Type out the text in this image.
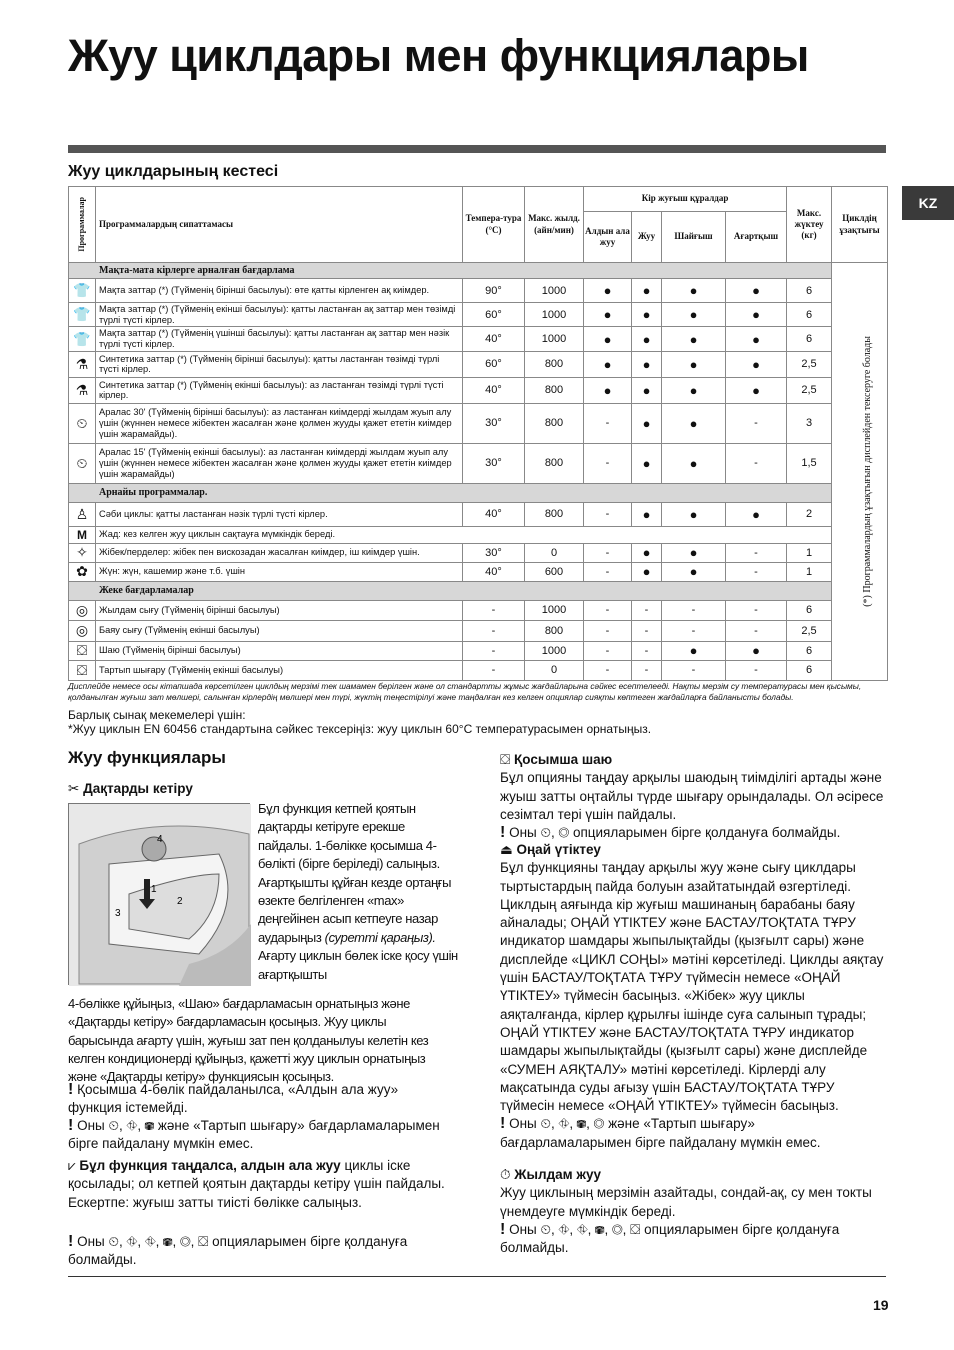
Жуу циклдары мен функциялары
KZ
Жуу циклдарының кестесі
Программалар	Программалардың сипаттамасы	Темпера-тура (°C)	Макс. жылд. (айн/мин)	Кір жуғыш құралдар				Макс. жүктеу (кг)	Циклдің ұзақтығы
				Алдын ала жуу	Жуу	Шайғыш	Ағартқыш		
Мақта-мата кірлерге арналған бағдарлама									(*) Программалардың ұзақтығын дисплейден тексеруге болады

👕	Мақта заттар (*) (Түйменің бірінші басылуы): өте қатты кірленген ақ киімдер.	90°	1000	●	●	●	●	6	
👕	Мақта заттар (*) (Түйменің екінші басылуы): қатты ластанған ақ заттар мен төзімді түрлі түсті кірлер.	60°	1000	●	●	●	●	6	
👕	Мақта заттар (*) (Түйменің үшінші басылуы): қатты ластанған ақ заттар мен нәзік түрлі түсті кірлер.	40°	1000	●	●	●	●	6	
⚗	Синтетика заттар (*) (Түйменің бірінші басылуы): қатты ластанған төзімді түрлі түсті кірлер.	60°	800	●	●	●	●	2,5	
⚗	Синтетика заттар (*) (Түйменің екінші басылуы): аз ластанған төзімді түрлі түсті кірлер.	40°	800	●	●	●	●	2,5	
⏲	Аралас 30' (Түйменің бірінші басылуы): аз ластанған киімдерді жылдам жуып алу үшін (жүннен немесе жібектен жасалған және қолмен жууды қажет ететін киімдер үшін жарамайды).	30°	800	-	●	●	-	3	
⏲	Аралас 15' (Түйменің екінші басылуы): аз ластанған киімдерді жылдам жуып алу үшін (жүннен немесе жібектен жасалған және қолмен жууды қажет ететін киімдер үшін жарамайды)	30°	800	-	●	●	-	1,5	
Арнайы программалар.									
♙	Сәби циклы: қатты ластанған нәзік түрлі түсті кірлер.	40°	800	-	●	●	●	2	
M	Жад: кез келген жуу циклын сақтауға мүмкіндік береді.								
✧	Жібек/перделер: жібек пен вискозадан жасалған киімдер, іш киімдер үшін.	30°	0	-	●	●	-	1	
✿	Жүн: жүн, кашемир және т.б. үшін	40°	600	-	●	●	-	1	
Жеке бағдарламалар									
◎	Жылдам сығу (Түйменің бірінші басылуы)	-	1000	-	-	-	-	6	
◎	Баяу сығу (Түйменің екінші басылуы)	-	800	-	-	-	-	2,5	
⛋	Шаю (Түйменің бірінші басылуы)	-	1000	-	-	●	●	6	
⛋	Тартып шығару (Түйменің екінші басылуы)	-	0	-	-	-	-	6	
Дисплейде немесе осы кітапшада көрсетілген циклдың мерзімі тек шамамен берілген және ол стандартты жұмыс жағдайларына сәйкес есептелееді. Нақты мерзім су температурасы мен қысымы, қолданылған жуғыш зат мөлшері, салынған кірлердің мөлшері мен түрі, жүктің теңестірілуі және таңдалған кез келген опциялар сияқты көптеген жағдайларға байланысты болады.
Барлық сынақ мекемелері үшін:
*Жуу циклын EN 60456 стандартына сәйкес тексеріңіз: жуу циклын 60°C температурасымен орнатыңыз.
Жуу функциялары
✂ Дақтарды кетіру
4
1
2
3
Бұл функция кетпей қоятын дақтарды кетіруге ерекше пайдалы. 1-бөлікке қосымша 4-бөлікті (бірге беріледі) салыңыз. Ағартқышты құйған кезде ортаңғы өзекте белгіленген «max» деңгейінен асып кетпеуге назар аударыңыз (суретті қараңыз). Ағарту циклын бөлек іске қосу үшін ағартқышты
4-бөлікке құйыңыз, «Шаю» бағдарламасын орнатыңыз және «Дақтарды кетіру» бағдарламасын қосыңыз. Жуу циклы барысында ағарту үшін, жуғыш зат пен қолданылуы келетін кез келген кондиционерді құйыңыз, қажетті жуу циклын орнатыңыз және «Дақтарды кетіру» функциясын қосыңыз.
! Қосымша 4-бөлік пайдаланылса, «Алдын ала жуу» функция істемейді.
! Оны ⏲, ⛗, ⛃ және «Тартып шығару» бағдарламаларымен бірге пайдалану мүмкін емес.
⩗ Бұл функция таңдалса, алдын ала жуу циклы іске қосылады; ол кетпей қоятын дақтарды кетіру үшін пайдалы. Ескертпе: жуғыш затты тиісті бөлікке салыңыз.
! Оны ⏲, ⛗, ⛗, ⛃, ◎, ⛋ опцияларымен бірге қолдануға болмайды.
⛋ Қосымша шаю
Бұл опцияны таңдау арқылы шаюдың тиімділігі артады және жуыш затты оңтайлы түрде шығару орындалады. Ол әсіресе сезімтал тері үшін пайдалы.
! Оны ⏲, ◎ опцияларымен бірге қолдануға болмайды.
⏏ Оңай үтіктеу
Бұл функцияны таңдау арқылы жуу және сығу циклдары тыртыстардың пайда болуын азайтатындай өзгертіледі. Циклдың аяғында кір жуғыш машинаның барабаны баяу айналады; ОҢАЙ ҮТІКТЕУ және БАСТАУ/ТОҚТАТА ТҰРУ индикатор шамдары жыпылықтайды (қызғылт сары) және дисплейде «ЦИКЛ СОҢЫ» мәтіні көрсетіледі. Циклды аяқтау үшін БАСТАУ/ТОҚТАТА ТҰРУ түймесін немесе «ОҢАЙ ҮТІКТЕУ» түймесін басыңыз. «Жібек» жуу циклы аяқталғанда, кірлер құрылғы ішінде суға салынып тұрады; ОҢАЙ ҮТІКТЕУ және БАСТАУ/ТОҚТАТА ТҰРУ индикатор шамдары жыпылықтайды (қызғылт сары) және дисплейде «СУМЕН АЯҚТАЛУ» мәтіні көрсетіледі. Кірлерді алу мақсатында суды ағызу үшін БАСТАУ/ТОҚТАТА ТҰРУ түймесін немесе «ОҢАЙ ҮТІКТЕУ» түймесін басыңыз.
! Оны ⏲, ⛗, ⛃, ◎ және «Тартып шығару» бағдарламаларымен бірге пайдалану мүмкін емес.
⏱ Жылдам жуу
Жуу циклының мерзімін азайтады, сондай-ақ, су мен токты үнемдеуге мүмкіндік береді.
! Оны ⏲, ⛗, ⛗, ⛃, ◎, ⛋ опцияларымен бірге қолдануға болмайды.
19
